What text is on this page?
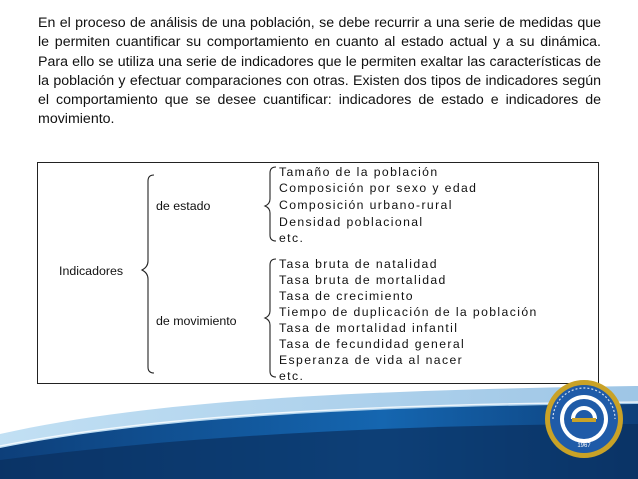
En el proceso de análisis de una población, se debe recurrir a una serie de medidas que le permiten cuantificar su comportamiento en cuanto al estado actual y a su dinámica. Para ello se utiliza una serie de indicadores que le permiten exaltar las características de la población y efectuar comparaciones con otras. Existen dos tipos de indicadores según el comportamiento que se desee cuantificar: indicadores de estado e indicadores de movimiento.

Indicadores
de estado
de movimiento
Tamaño de la población
Composición por sexo y edad
Composición urbano-rural
Densidad poblacional
etc.
Tasa bruta de natalidad
Tasa bruta de mortalidad
Tasa de crecimiento
Tiempo de duplicación de la población
Tasa de mortalidad infantil
Tasa de fecundidad general
Esperanza de vida al nacer
etc.
1967
